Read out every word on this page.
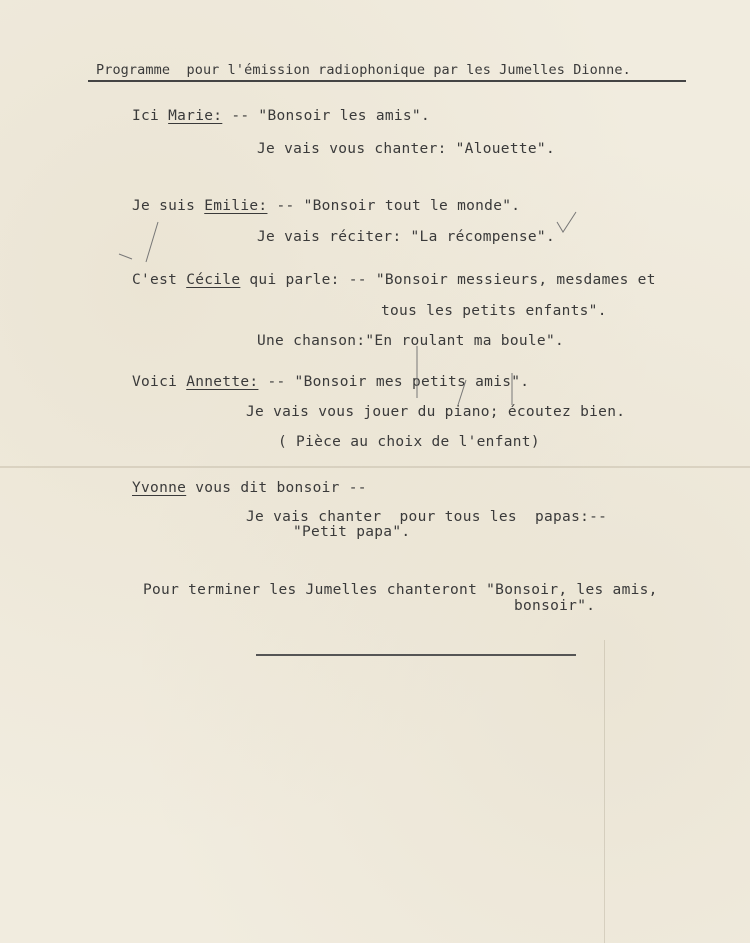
Programme  pour l'émission radiophonique par les Jumelles Dionne.
Ici Marie: -- "Bonsoir les amis".
Je vais vous chanter: "Alouette".
Je suis Emilie: -- "Bonsoir tout le monde".
Je vais réciter: "La récompense".
C'est Cécile qui parle: -- "Bonsoir messieurs, mesdames et
tous les petits enfants".
Une chanson:"En roulant ma boule".
Voici Annette: -- "Bonsoir mes petits amis".
Je vais vous jouer du piano; écoutez bien.
( Pièce au choix de l'enfant)
Yvonne vous dit bonsoir --
Je vais chanter  pour tous les  papas:--
"Petit papa".
Pour terminer les Jumelles chanteront "Bonsoir, les amis,
bonsoir".
